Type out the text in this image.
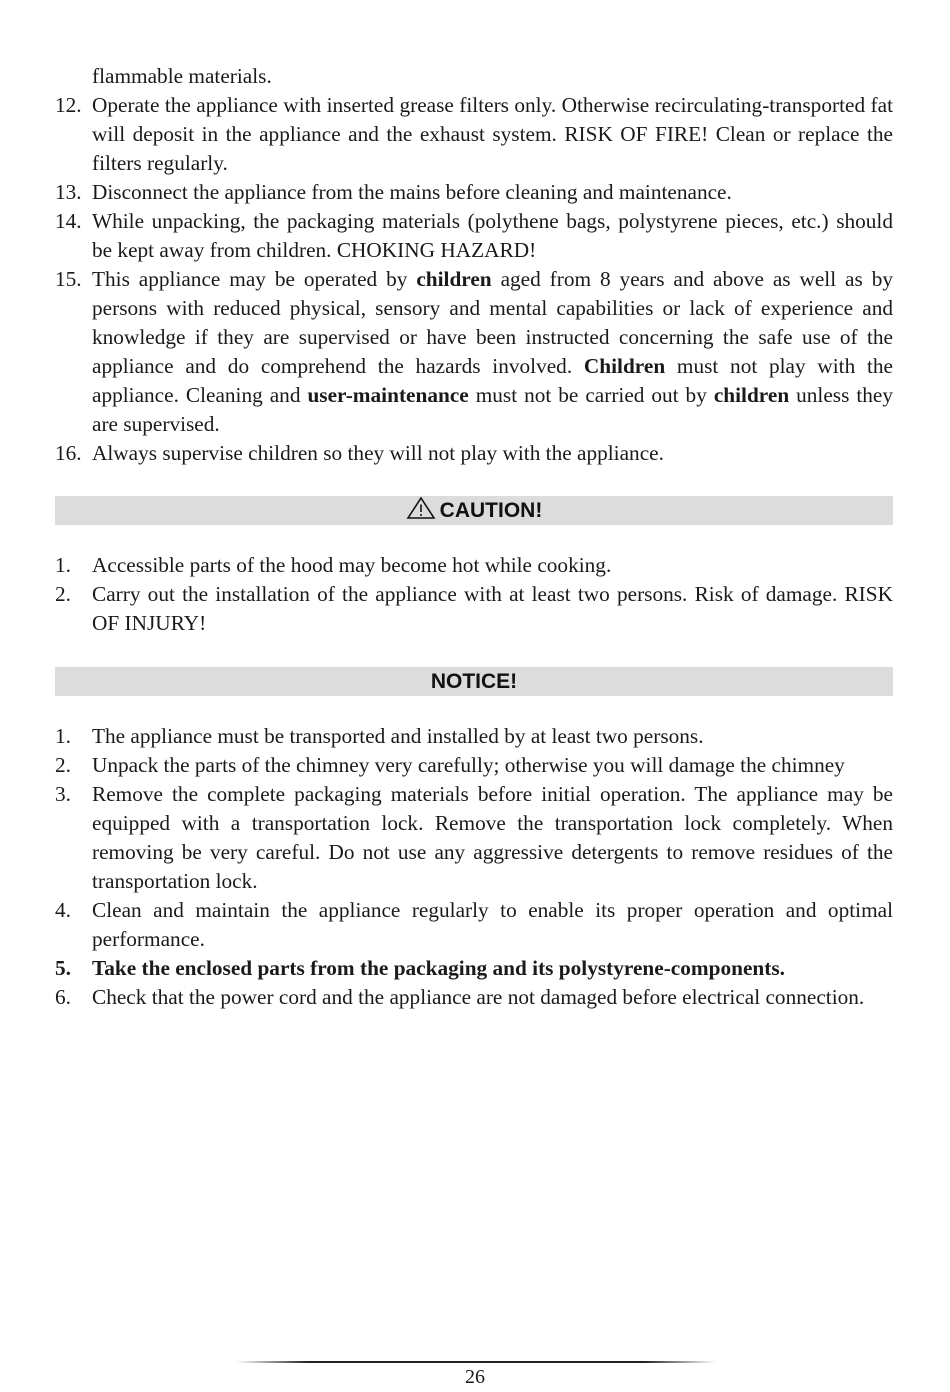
flammable materials.
12. Operate the appliance with inserted grease filters only. Otherwise recirculating-transported fat will deposit in the appliance and the exhaust system. RISK OF FIRE! Clean or replace the filters regularly.
13. Disconnect the appliance from the mains before cleaning and maintenance.
14. While unpacking, the packaging materials (polythene bags, polystyrene pieces, etc.) should be kept away from children. CHOKING HAZARD!
15. This appliance may be operated by children aged from 8 years and above as well as by persons with reduced physical, sensory and mental capabilities or lack of experience and knowledge if they are supervised or have been instructed concerning the safe use of the appliance and do comprehend the hazards involved. Children must not play with the appliance. Cleaning and user-maintenance must not be carried out by children unless they are supervised.
16. Always supervise children so they will not play with the appliance.
CAUTION!
1. Accessible parts of the hood may become hot while cooking.
2. Carry out the installation of the appliance with at least two persons. Risk of damage. RISK OF INJURY!
NOTICE!
1. The appliance must be transported and installed by at least two persons.
2. Unpack the parts of the chimney very carefully; otherwise you will damage the chimney
3. Remove the complete packaging materials before initial operation. The appliance may be equipped with a transportation lock. Remove the transportation lock completely. When removing be very careful. Do not use any aggressive detergents to remove residues of the transportation lock.
4. Clean and maintain the appliance regularly to enable its proper operation and optimal performance.
5. Take the enclosed parts from the packaging and its polystyrene-components.
6. Check that the power cord and the appliance are not damaged before electrical connection.
26
